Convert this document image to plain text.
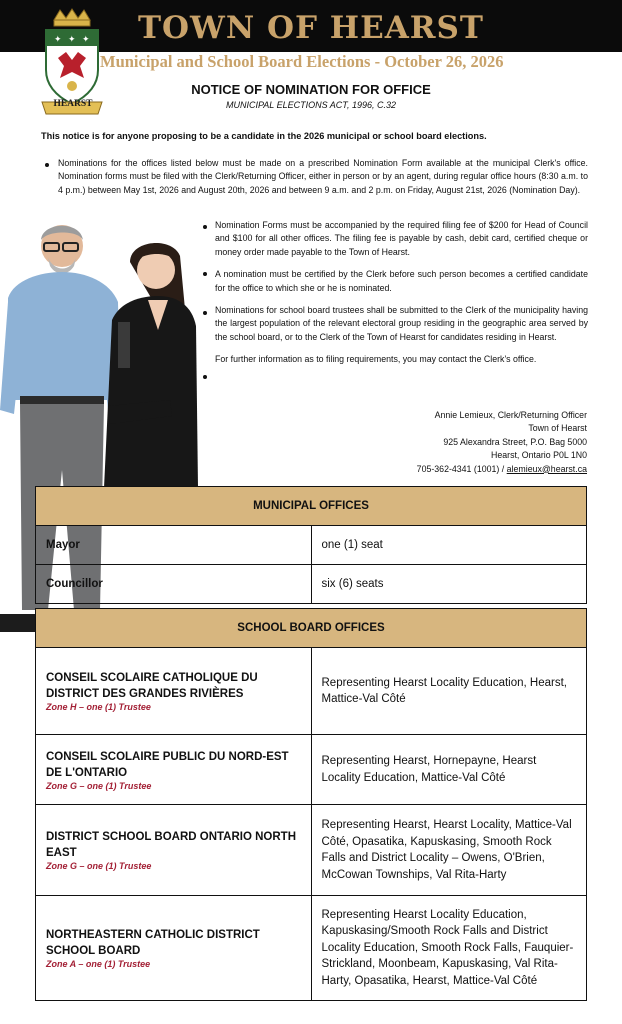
TOWN OF HEARST
Municipal and School Board Elections - October 26, 2026
✦ ✦ ✦
HEARST
NOTICE OF NOMINATION FOR OFFICE
MUNICIPAL ELECTIONS ACT, 1996, C.32
This notice is for anyone proposing to be a candidate in the 2026 municipal or school board elections.
Nominations for the offices listed below must be made on a prescribed Nomination Form available at the municipal Clerk's office. Nomination forms must be filed with the Clerk/Returning Officer, either in person or by an agent, during regular office hours (8:30 a.m. to 4 p.m.) between May 1st, 2026 and August 20th, 2026 and between 9 a.m. and 2 p.m. on Friday, August 21st, 2026 (Nomination Day).
Nomination Forms must be accompanied by the required filing fee of $200 for Head of Council and $100 for all other offices. The filing fee is payable by cash, debit card, certified cheque or money order made payable to the Town of Hearst.
A nomination must be certified by the Clerk before such person becomes a certified candidate for the office to which she or he is nominated.
Nominations for school board trustees shall be submitted to the Clerk of the municipality having the largest population of the relevant electoral group residing in the geographic area served by the school board, or to the Clerk of the Town of Hearst for candidates residing in Hearst.
For further information as to filing requirements, you may contact the Clerk's office.
Annie Lemieux, Clerk/Returning Officer
Town of Hearst
925 Alexandra Street, P.O. Bag 5000
Hearst, Ontario P0L 1N0
705-362-4341 (1001) / alemieux@hearst.ca
MUNICIPAL OFFICES	
Mayor	one (1) seat
Councillor	six (6) seats

SCHOOL BOARD OFFICES	

CONSEIL SCOLAIRE CATHOLIQUE DU DISTRICT DES GRANDES RIVIÈRES
Zone H – one (1) Trustee	Representing Hearst Locality Education, Hearst, Mattice-Val Côté

CONSEIL SCOLAIRE PUBLIC DU NORD-EST DE L'ONTARIO
Zone G – one (1) Trustee	Representing Hearst, Hornepayne, Hearst Locality Education, Mattice-Val Côté

DISTRICT SCHOOL BOARD ONTARIO NORTH EAST
Zone G – one (1) Trustee	Representing Hearst, Hearst Locality, Mattice-Val Côté, Opasatika, Kapuskasing, Smooth Rock Falls and District Locality – Owens, O'Brien, McCowan Townships, Val Rita-Harty

NORTHEASTERN CATHOLIC DISTRICT SCHOOL BOARD
Zone A – one (1) Trustee	Representing Hearst Locality Education, Kapuskasing/Smooth Rock Falls and District Locality Education, Smooth Rock Falls, Fauquier-Strickland, Moonbeam, Kapuskasing, Val Rita-Harty, Opasatika, Hearst, Mattice-Val Côté
